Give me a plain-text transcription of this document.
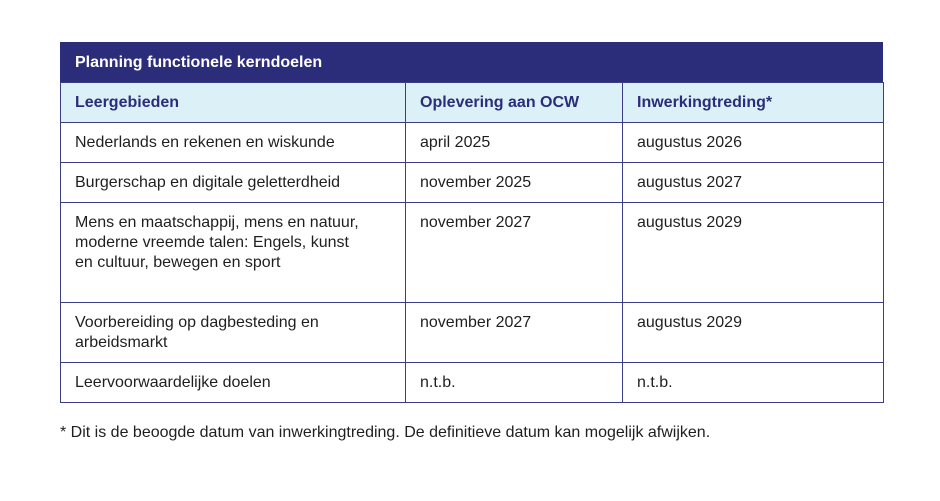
Planning functionele kerndoelen
Leergebieden	Oplevering aan OCW	Inwerkingtreding*
Nederlands en rekenen en wiskunde	april 2025	augustus 2026
Burgerschap en digitale geletterdheid	november 2025	augustus 2027
Mens en maatschappij, mens en natuur, moderne vreemde talen: Engels, kunst en cultuur, bewegen en sport	november 2027	augustus 2029
Voorbereiding op dagbesteding en arbeidsmarkt	november 2027	augustus 2029
Leervoorwaardelijke doelen	n.t.b.	n.t.b.
* Dit is de beoogde datum van inwerkingtreding. De definitieve datum kan mogelijk afwijken.
